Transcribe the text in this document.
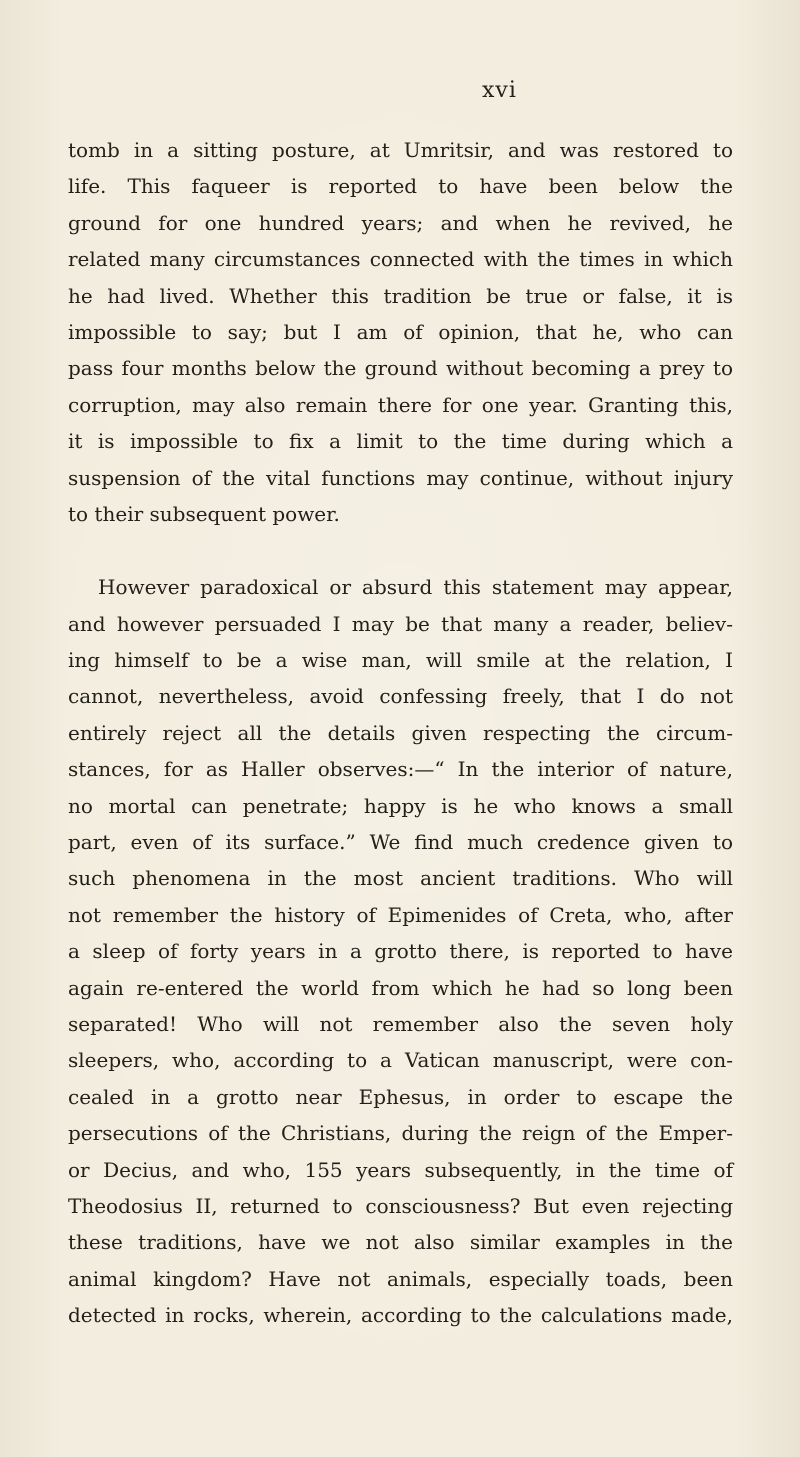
xvi
tomb in a sitting posture, at Umritsir, and was restored to
life. This faqueer is reported to have been below the
ground for one hundred years; and when he revived, he
related many circumstances connected with the times in which
he had lived. Whether this tradition be true or false, it is
impossible to say; but I am of opinion, that he, who can
pass four months below the ground without becoming a prey to
corruption, may also remain there for one year. Granting this,
it is impossible to fix a limit to the time during which a
suspension of the vital functions may continue, without injury
to their subsequent power.
However paradoxical or absurd this statement may appear,
and however persuaded I may be that many a reader, believ-
ing himself to be a wise man, will smile at the relation, I
cannot, nevertheless, avoid confessing freely, that I do not
entirely reject all the details given respecting the circum-
stances, for as Haller observes:—“ In the interior of nature,
no mortal can penetrate; happy is he who knows a small
part, even of its surface.” We find much credence given to
such phenomena in the most ancient traditions. Who will
not remember the history of Epimenides of Creta, who, after
a sleep of forty years in a grotto there, is reported to have
again re-entered the world from which he had so long been
separated! Who will not remember also the seven holy
sleepers, who, according to a Vatican manuscript, were con-
cealed in a grotto near Ephesus, in order to escape the
persecutions of the Christians, during the reign of the Emper-
or Decius, and who, 155 years subsequently, in the time of
Theodosius II, returned to consciousness? But even rejecting
these traditions, have we not also similar examples in the
animal kingdom? Have not animals, especially toads, been
detected in rocks, wherein, according to the calculations made,
